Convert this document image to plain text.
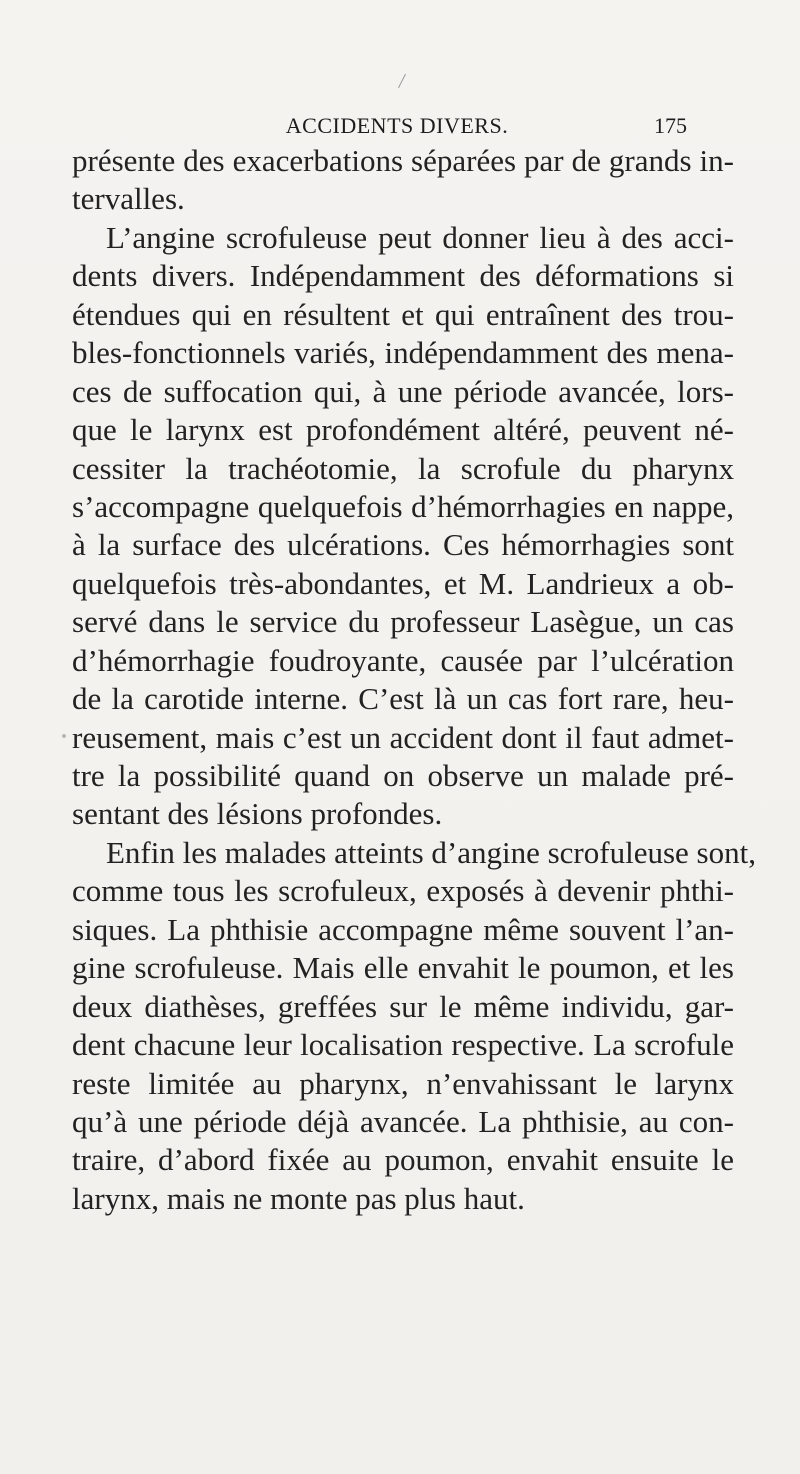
/
ACCIDENTS DIVERS.	175
présente des exacerbations séparées par de grands in-
tervalles.
L’angine scrofuleuse peut donner lieu à des acci-
dents divers. Indépendamment des déformations si
étendues qui en résultent et qui entraînent des trou-
bles-fonctionnels variés, indépendamment des mena-
ces de suffocation qui, à une période avancée, lors-
que le larynx est profondément altéré, peuvent né-
cessiter la trachéotomie, la scrofule du pharynx
s’accompagne quelquefois d’hémorrhagies en nappe,
à la surface des ulcérations. Ces hémorrhagies sont
quelquefois très-abondantes, et M. Landrieux a ob-
servé dans le service du professeur Lasègue, un cas
d’hémorrhagie foudroyante, causée par l’ulcération
de la carotide interne. C’est là un cas fort rare, heu-
reusement, mais c’est un accident dont il faut admet-
tre la possibilité quand on observe un malade pré-
sentant des lésions profondes.
Enfin les malades atteints d’angine scrofuleuse sont,
comme tous les scrofuleux, exposés à devenir phthi-
siques. La phthisie accompagne même souvent l’an-
gine scrofuleuse. Mais elle envahit le poumon, et les
deux diathèses, greffées sur le même individu, gar-
dent chacune leur localisation respective. La scrofule
reste limitée au pharynx, n’envahissant le larynx
qu’à une période déjà avancée. La phthisie, au con-
traire, d’abord fixée au poumon, envahit ensuite le
larynx, mais ne monte pas plus haut.
